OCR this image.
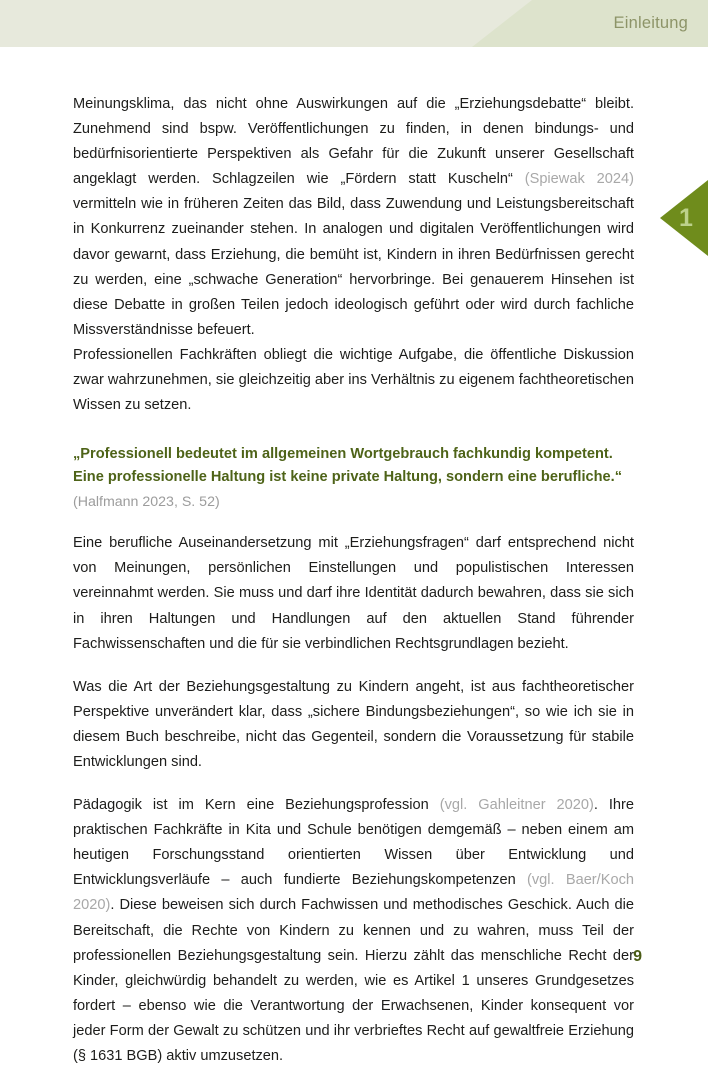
Einleitung
1

Meinungsklima, das nicht ohne Auswirkungen auf die „Erziehungsdebatte“ bleibt. Zunehmend sind bspw. Veröffentlichungen zu finden, in denen bindungs- und bedürfnisorientierte Perspektiven als Gefahr für die Zukunft unserer Gesellschaft angeklagt werden. Schlagzeilen wie „Fördern statt Kuscheln“ (Spiewak 2024) vermitteln wie in früheren Zeiten das Bild, dass Zuwendung und Leistungsbereitschaft in Konkurrenz zueinander stehen. In analogen und digitalen Veröffentlichungen wird davor gewarnt, dass Erziehung, die bemüht ist, Kindern in ihren Bedürfnissen gerecht zu werden, eine „schwache Generation“ hervorbringe. Bei genauerem Hinsehen ist diese Debatte in großen Teilen jedoch ideologisch geführt oder wird durch fachliche Missverständnisse befeuert.

Professionellen Fachkräften obliegt die wichtige Aufgabe, die öffentliche Diskussion zwar wahrzunehmen, sie gleichzeitig aber ins Verhältnis zu eigenem fachtheoretischen Wissen zu setzen.

„Professionell bedeutet im allgemeinen Wortgebrauch fachkundig kompetent. Eine professionelle Haltung ist keine private Haltung, sondern eine berufliche.“

(Halfmann 2023, S. 52)

Eine berufliche Auseinandersetzung mit „Erziehungsfragen“ darf entsprechend nicht von Meinungen, persönlichen Einstellungen und populistischen Interessen vereinnahmt werden. Sie muss und darf ihre Identität dadurch bewahren, dass sie sich in ihren Haltungen und Handlungen auf den aktuellen Stand führender Fachwissenschaften und die für sie verbindlichen Rechtsgrundlagen bezieht.

Was die Art der Beziehungsgestaltung zu Kindern angeht, ist aus fachtheoretischer Perspektive unverändert klar, dass „sichere Bindungsbeziehungen“, so wie ich sie in diesem Buch beschreibe, nicht das Gegenteil, sondern die Voraussetzung für stabile Entwicklungen sind.

Pädagogik ist im Kern eine Beziehungsprofession (vgl. Gahleitner 2020). Ihre praktischen Fachkräfte in Kita und Schule benötigen demgemäß – neben einem am heutigen Forschungsstand orientierten Wissen über Entwicklung und Entwicklungsverläufe – auch fundierte Beziehungskompetenzen (vgl. Baer/Koch 2020). Diese beweisen sich durch Fachwissen und methodisches Geschick. Auch die Bereitschaft, die Rechte von Kindern zu kennen und zu wahren, muss Teil der professionellen Beziehungsgestaltung sein. Hierzu zählt das menschliche Recht der Kinder, gleichwürdig behandelt zu werden, wie es Artikel 1 unseres Grundgesetzes fordert – ebenso wie die Verantwortung der Erwachsenen, Kinder konsequent vor jeder Form der Gewalt zu schützen und ihr verbrieftes Recht auf gewaltfreie Erziehung (§ 1631 BGB) aktiv umzusetzen.

9
